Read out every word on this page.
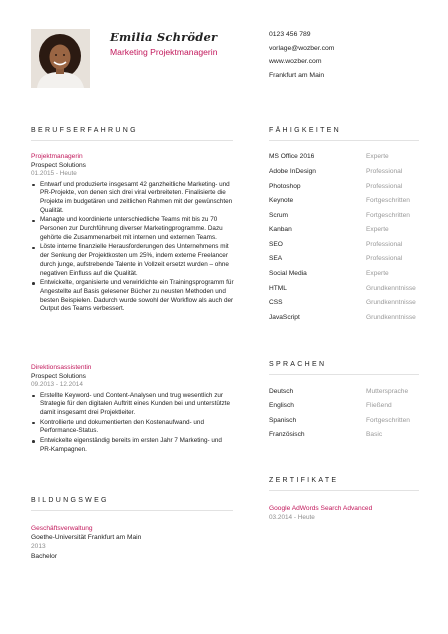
Emilia Schröder
Marketing Projektmanagerin
0123 456 789
vorlage@wozber.com
www.wozber.com
Frankfurt am Main
BERUFSERFAHRUNG	FÄHIGKEITEN
SPRACHEN
ZERTIFIKATE
BILDUNGSWEG
Projektmanagerin
Prospect Solutions
01.2015 - Heute
Entwarf und produzierte insgesamt 42 ganzheitliche Marketing- und PR-Projekte, von denen sich drei viral verbreiteten. Finalisierte die Projekte im budgetären und zeitlichen Rahmen mit der gewünschten Qualität.
Managte und koordinierte unterschiedliche Teams mit bis zu 70 Personen zur Durchführung diverser Marketingprogramme. Dazu gehörte die Zusammenarbeit mit internen und externen Teams.
Löste interne finanzielle Herausforderungen des Unternehmens mit der Senkung der Projektkosten um 25%, indem externe Freelancer durch junge, aufstrebende Talente in Vollzeit ersetzt wurden – ohne negativen Einfluss auf die Qualität.
Entwickelte, organisierte und verwirklichte ein Trainingsprogramm für Angestellte auf Basis gelesener Bücher zu neusten Methoden und besten Beispielen. Dadurch wurde sowohl der Workflow als auch der Output des Teams verbessert.
Direktionsassistentin
Prospect Solutions
09.2013 - 12.2014
Erstellte Keyword- und Content-Analysen und trug wesentlich zur Strategie für den digitalen Auftritt eines Kunden bei und unterstützte damit insgesamt drei Projektleiter.
Kontrollierte und dokumentierten den Kostenaufwand- und Performance-Status.
Entwickelte eigenständig bereits im ersten Jahr 7 Marketing- und PR-Kampagnen.
Geschäftsverwaltung
Goethe-Universität Frankfurt am Main
2013
Bachelor
MS Office 2016	Experte
Adobe InDesign	Professional
Photoshop	Professional
Keynote	Fortgeschritten
Scrum	Fortgeschritten
Kanban	Experte
SEO	Professional
SEA	Professional
Social Media	Experte
HTML	Grundkenntnisse
CSS	Grundkenntnisse
JavaScript	Grundkenntnisse
Deutsch	Muttersprache
Englisch	Fließend
Spanisch	Fortgeschritten
Französisch	Basic
Google AdWords Search Advanced
03.2014 - Heute
